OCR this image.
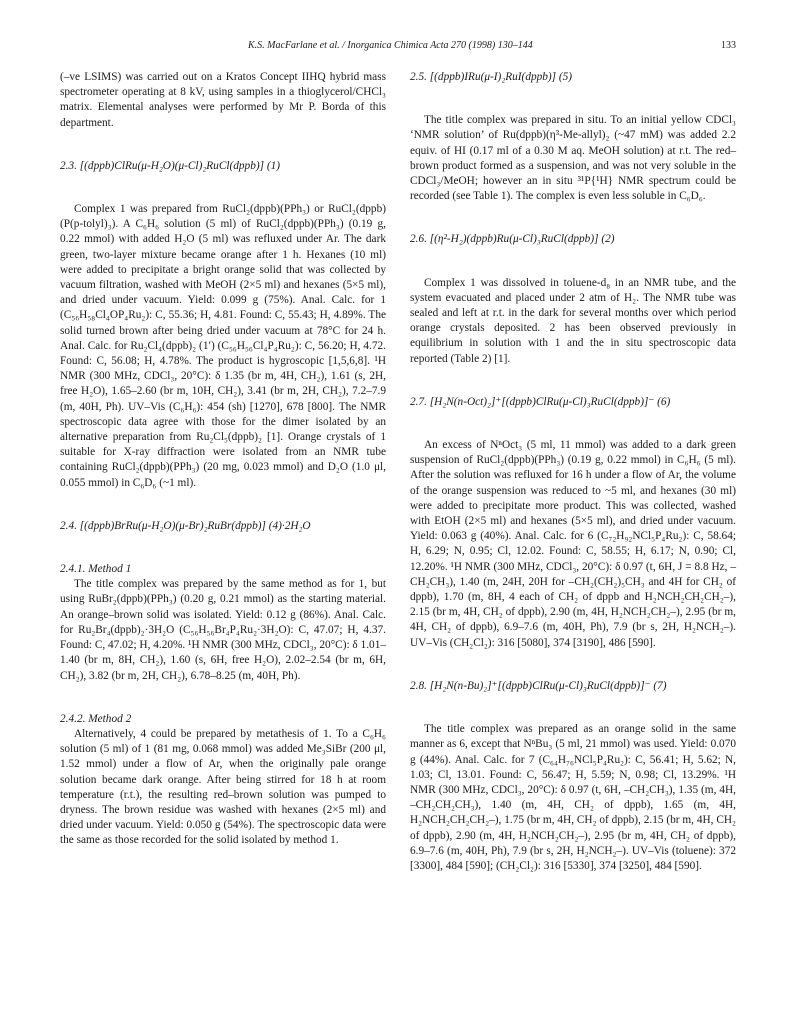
K.S. MacFarlane et al. / Inorganica Chimica Acta 270 (1998) 130–144	133

(–ve LSIMS) was carried out on a Kratos Concept IIHQ hybrid mass spectrometer operating at 8 kV, using samples in a thioglycerol/CHCl₃ matrix. Elemental analyses were performed by Mr P. Borda of this department.

2.3. [(dppb)ClRu(μ-H₂O)(μ-Cl)₂RuCl(dppb)] (1)

Complex 1 was prepared from RuCl₂(dppb)(PPh₃) or RuCl₂(dppb)(P(p-tolyl)₃). A C₆H₆ solution (5 ml) of RuCl₂(dppb)(PPh₃) (0.19 g, 0.22 mmol) with added H₂O (5 ml) was refluxed under Ar. The dark green, two-layer mixture became orange after 1 h. Hexanes (10 ml) were added to precipitate a bright orange solid that was collected by vacuum filtration, washed with MeOH (2×5 ml) and hexanes (5×5 ml), and dried under vacuum. Yield: 0.099 g (75%). Anal. Calc. for 1 (C₅₆H₅₈Cl₄OP₄Ru₂): C, 55.36; H, 4.81. Found: C, 55.43; H, 4.89%. The solid turned brown after being dried under vacuum at 78°C for 24 h. Anal. Calc. for Ru₂Cl₄(dppb)₂ (1′) (C₅₆H₅₆Cl₄P₄Ru₂): C, 56.20; H, 4.72. Found: C, 56.08; H, 4.78%. The product is hygroscopic [1,5,6,8]. ¹H NMR (300 MHz, CDCl₃, 20°C): δ 1.35 (br m, 4H, CH₂), 1.61 (s, 2H, free H₂O), 1.65–2.60 (br m, 10H, CH₂), 3.41 (br m, 2H, CH₂), 7.2–7.9 (m, 40H, Ph). UV–Vis (C₆H₆): 454 (sh) [1270], 678 [800]. The NMR spectroscopic data agree with those for the dimer isolated by an alternative preparation from Ru₂Cl₅(dppb)₂ [1]. Orange crystals of 1 suitable for X-ray diffraction were isolated from an NMR tube containing RuCl₂(dppb)(PPh₃) (20 mg, 0.023 mmol) and D₂O (1.0 μl, 0.055 mmol) in C₆D₆ (~1 ml).

2.4. [(dppb)BrRu(μ-H₂O)(μ-Br)₂RuBr(dppb)] (4)·2H₂O

2.4.1. Method 1

The title complex was prepared by the same method as for 1, but using RuBr₂(dppb)(PPh₃) (0.20 g, 0.21 mmol) as the starting material. An orange–brown solid was isolated. Yield: 0.12 g (86%). Anal. Calc. for Ru₂Br₄(dppb)₂·3H₂O (C₅₆H₅₆Br₄P₄Ru₂·3H₂O): C, 47.07; H, 4.37. Found: C, 47.02; H, 4.20%. ¹H NMR (300 MHz, CDCl₃, 20°C): δ 1.01–1.40 (br m, 8H, CH₂), 1.60 (s, 6H, free H₂O), 2.02–2.54 (br m, 6H, CH₂), 3.82 (br m, 2H, CH₂), 6.78–8.25 (m, 40H, Ph).

2.4.2. Method 2

Alternatively, 4 could be prepared by metathesis of 1. To a C₆H₆ solution (5 ml) of 1 (81 mg, 0.068 mmol) was added Me₃SiBr (200 μl, 1.52 mmol) under a flow of Ar, when the originally pale orange solution became dark orange. After being stirred for 18 h at room temperature (r.t.), the resulting red–brown solution was pumped to dryness. The brown residue was washed with hexanes (2×5 ml) and dried under vacuum. Yield: 0.050 g (54%). The spectroscopic data were the same as those recorded for the solid isolated by method 1.

2.5. [(dppb)IRu(μ-I)₂RuI(dppb)] (5)

The title complex was prepared in situ. To an initial yellow CDCl₃ ‘NMR solution’ of Ru(dppb)(η³-Me-allyl)₂ (~47 mM) was added 2.2 equiv. of HI (0.17 ml of a 0.30 M aq. MeOH solution) at r.t. The red–brown product formed as a suspension, and was not very soluble in the CDCl₃/MeOH; however an in situ ³¹P{¹H} NMR spectrum could be recorded (see Table 1). The complex is even less soluble in C₆D₆.

2.6. [(η²-H₂)(dppb)Ru(μ-Cl)₃RuCl(dppb)] (2)

Complex 1 was dissolved in toluene-d₈ in an NMR tube, and the system evacuated and placed under 2 atm of H₂. The NMR tube was sealed and left at r.t. in the dark for several months over which period orange crystals deposited. 2 has been observed previously in equilibrium in solution with 1 and the in situ spectroscopic data reported (Table 2) [1].

2.7. [H₂N(n-Oct)₂]⁺[(dppb)ClRu(μ-Cl)₃RuCl(dppb)]⁻ (6)

An excess of NⁿOct₃ (5 ml, 11 mmol) was added to a dark green suspension of RuCl₂(dppb)(PPh₃) (0.19 g, 0.22 mmol) in C₆H₆ (5 ml). After the solution was refluxed for 16 h under a flow of Ar, the volume of the orange suspension was reduced to ~5 ml, and hexanes (30 ml) were added to precipitate more product. This was collected, washed with EtOH (2×5 ml) and hexanes (5×5 ml), and dried under vacuum. Yield: 0.063 g (40%). Anal. Calc. for 6 (C₇₂H₉₂NCl₅P₄Ru₂): C, 58.64; H, 6.29; N, 0.95; Cl, 12.02. Found: C, 58.55; H, 6.17; N, 0.90; Cl, 12.20%. ¹H NMR (300 MHz, CDCl₃, 20°C): δ 0.97 (t, 6H, J = 8.8 Hz, –CH₂CH₃), 1.40 (m, 24H, 20H for –CH₂(CH₂)₅CH₃ and 4H for CH₂ of dppb), 1.70 (m, 8H, 4 each of CH₂ of dppb and H₂NCH₂CH₂CH₂–), 2.15 (br m, 4H, CH₂ of dppb), 2.90 (m, 4H, H₂NCH₂CH₂–), 2.95 (br m, 4H, CH₂ of dppb), 6.9–7.6 (m, 40H, Ph), 7.9 (br s, 2H, H₂NCH₂–). UV–Vis (CH₂Cl₂): 316 [5080], 374 [3190], 486 [590].

2.8. [H₂N(n-Bu)₂]⁺[(dppb)ClRu(μ-Cl)₃RuCl(dppb)]⁻ (7)

The title complex was prepared as an orange solid in the same manner as 6, except that NⁿBu₃ (5 ml, 21 mmol) was used. Yield: 0.070 g (44%). Anal. Calc. for 7 (C₆₄H₇₆NCl₅P₄Ru₂): C, 56.41; H, 5.62; N, 1.03; Cl, 13.01. Found: C, 56.47; H, 5.59; N, 0.98; Cl, 13.29%. ¹H NMR (300 MHz, CDCl₃, 20°C): δ 0.97 (t, 6H, –CH₂CH₃), 1.35 (m, 4H, –CH₂CH₂CH₃), 1.40 (m, 4H, CH₂ of dppb), 1.65 (m, 4H, H₂NCH₂CH₂CH₂–), 1.75 (br m, 4H, CH₂ of dppb), 2.15 (br m, 4H, CH₂ of dppb), 2.90 (m, 4H, H₂NCH₂CH₂–), 2.95 (br m, 4H, CH₂ of dppb), 6.9–7.6 (m, 40H, Ph), 7.9 (br s, 2H, H₂NCH₂–). UV–Vis (toluene): 372 [3300], 484 [590]; (CH₂Cl₂): 316 [5330], 374 [3250], 484 [590].
